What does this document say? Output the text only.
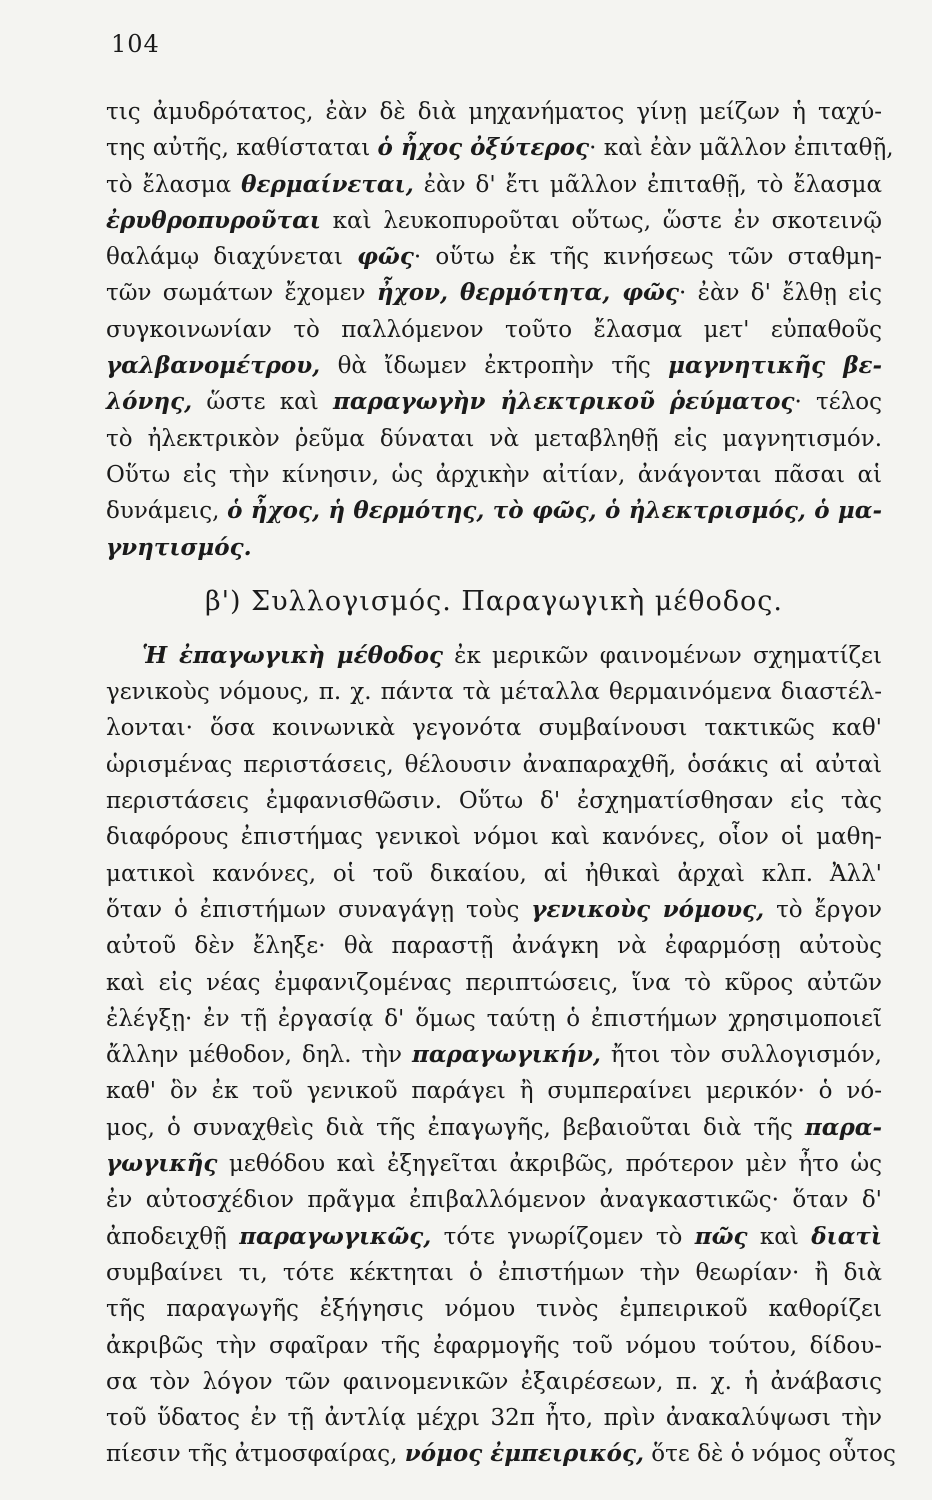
104
τις ἀμυδρότατος, ἐὰν δὲ διὰ μηχανήματος γίνῃ μείζων ἡ ταχύ-
της αὐτῆς, καθίσταται ὁ ἦχος ὀξύτερος· καὶ ἐὰν μᾶλλον ἐπιταθῇ,
τὸ ἔλασμα θερμαίνεται, ἐὰν δ' ἔτι μᾶλλον ἐπιταθῇ, τὸ ἔλασμα
ἐρυθροπυροῦται καὶ λευκοπυροῦται οὕτως, ὥστε ἐν σκοτεινῷ
θαλάμῳ διαχύνεται φῶς· οὕτω ἐκ τῆς κινήσεως τῶν σταθμη-
τῶν σωμάτων ἔχομεν ἦχον, θερμότητα, φῶς· ἐὰν δ' ἔλθῃ εἰς
συγκοινωνίαν τὸ παλλόμενον τοῦτο ἔλασμα μετ' εὐπαθοῦς
γαλβανομέτρου, θὰ ἴδωμεν ἐκτροπὴν τῆς μαγνητικῆς βε-
λόνης, ὥστε καὶ παραγωγὴν ἠλεκτρικοῦ ῥεύματος· τέλος
τὸ ἠλεκτρικὸν ῥεῦμα δύναται νὰ μεταβληθῇ εἰς μαγνητισμόν.
Οὕτω εἰς τὴν κίνησιν, ὡς ἀρχικὴν αἰτίαν, ἀνάγονται πᾶσαι αἱ
δυνάμεις, ὁ ἦχος, ἡ θερμότης, τὸ φῶς, ὁ ἠλεκτρισμός, ὁ μα-
γνητισμός.
β') Συλλογισμός. Παραγωγικὴ μέθοδος.
Ἡ ἐπαγωγικὴ μέθοδος ἐκ μερικῶν φαινομένων σχηματίζει
γενικοὺς νόμους, π. χ. πάντα τὰ μέταλλα θερμαινόμενα διαστέλ-
λονται· ὅσα κοινωνικὰ γεγονότα συμβαίνουσι τακτικῶς καθ'
ὡρισμένας περιστάσεις, θέλουσιν ἀναπαραχθῆ, ὁσάκις αἱ αὐταὶ
περιστάσεις ἐμφανισθῶσιν. Οὕτω δ' ἐσχηματίσθησαν εἰς τὰς
διαφόρους ἐπιστήμας γενικοὶ νόμοι καὶ κανόνες, οἷον οἱ μαθη-
ματικοὶ κανόνες, οἱ τοῦ δικαίου, αἱ ἠθικαὶ ἀρχαὶ κλπ. Ἀλλ'
ὅταν ὁ ἐπιστήμων συναγάγῃ τοὺς γενικοὺς νόμους, τὸ ἔργον
αὐτοῦ δὲν ἔληξε· θὰ παραστῇ ἀνάγκη νὰ ἐφαρμόσῃ αὐτοὺς
καὶ εἰς νέας ἐμφανιζομένας περιπτώσεις, ἵνα τὸ κῦρος αὐτῶν
ἐλέγξῃ· ἐν τῇ ἐργασίᾳ δ' ὅμως ταύτῃ ὁ ἐπιστήμων χρησιμοποιεῖ
ἄλλην μέθοδον, δηλ. τὴν παραγωγικήν, ἤτοι τὸν συλλογισμόν,
καθ' ὃν ἐκ τοῦ γενικοῦ παράγει ἢ συμπεραίνει μερικόν· ὁ νό-
μος, ὁ συναχθεὶς διὰ τῆς ἐπαγωγῆς, βεβαιοῦται διὰ τῆς παρα-
γωγικῆς μεθόδου καὶ ἐξηγεῖται ἀκριβῶς, πρότερον μὲν ἦτο ὡς
ἐν αὐτοσχέδιον πρᾶγμα ἐπιβαλλόμενον ἀναγκαστικῶς· ὅταν δ'
ἀποδειχθῇ παραγωγικῶς, τότε γνωρίζομεν τὸ πῶς καὶ διατὶ
συμβαίνει τι, τότε κέκτηται ὁ ἐπιστήμων τὴν θεωρίαν· ἢ διὰ
τῆς παραγωγῆς ἐξήγησις νόμου τινὸς ἐμπειρικοῦ καθορίζει
ἀκριβῶς τὴν σφαῖραν τῆς ἐφαρμογῆς τοῦ νόμου τούτου, δίδου-
σα τὸν λόγον τῶν φαινομενικῶν ἐξαιρέσεων, π. χ. ἡ ἀνάβασις
τοῦ ὕδατος ἐν τῇ ἀντλίᾳ μέχρι 32π ἦτο, πρὶν ἀνακαλύψωσι τὴν
πίεσιν τῆς ἀτμοσφαίρας, νόμος ἐμπειρικός, ὅτε δὲ ὁ νόμος οὗτος
